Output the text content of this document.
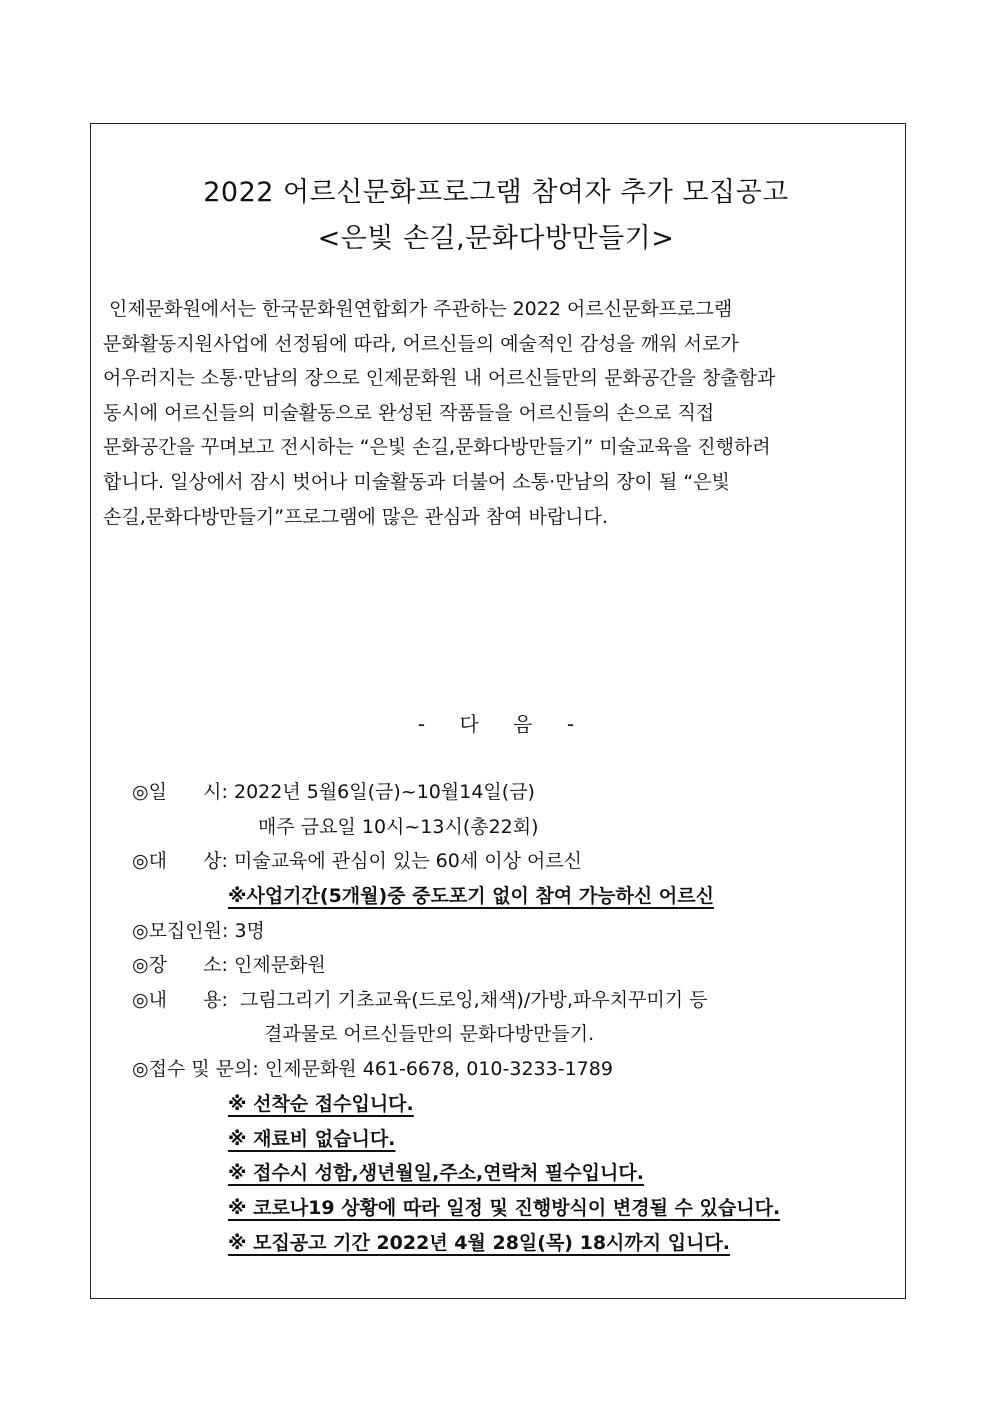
2022 어르신문화프로그램 참여자 추가 모집공고
<은빛 손길,문화다방만들기>
인제문화원에서는 한국문화원연합회가 주관하는 2022 어르신문화프로그램
문화활동지원사업에 선정됨에 따라, 어르신들의 예술적인 감성을 깨워 서로가
어우러지는 소통·만남의 장으로 인제문화원 내 어르신들만의 문화공간을 창출함과
동시에 어르신들의 미술활동으로 완성된 작품들을 어르신들의 손으로 직접
문화공간을 꾸며보고 전시하는 “은빛 손길,문화다방만들기” 미술교육을 진행하려
합니다. 일상에서 잠시 벗어나 미술활동과 더불어 소통·만남의 장이 될 “은빛
손길,문화다방만들기”프로그램에 많은 관심과 참여 바랍니다.
- 다 음 -
◎일      시: 2022년 5월6일(금)~10월14일(금)
매주 금요일 10시~13시(총22회)
◎대      상: 미술교육에 관심이 있는 60세 이상 어르신
※사업기간(5개월)중 중도포기 없이 참여 가능하신 어르신
◎모집인원: 3명
◎장      소: 인제문화원
◎내      용: 그림그리기 기초교육(드로잉,채색)/가방,파우치꾸미기 등
결과물로 어르신들만의 문화다방만들기.
◎접수 및 문의: 인제문화원 461-6678, 010-3233-1789
※ 선착순 접수입니다.
※ 재료비 없습니다.
※ 접수시 성함,생년월일,주소,연락처 필수입니다.
※ 코로나19 상황에 따라 일정 및 진행방식이 변경될 수 있습니다.
※ 모집공고 기간 2022년 4월 28일(목) 18시까지 입니다.
